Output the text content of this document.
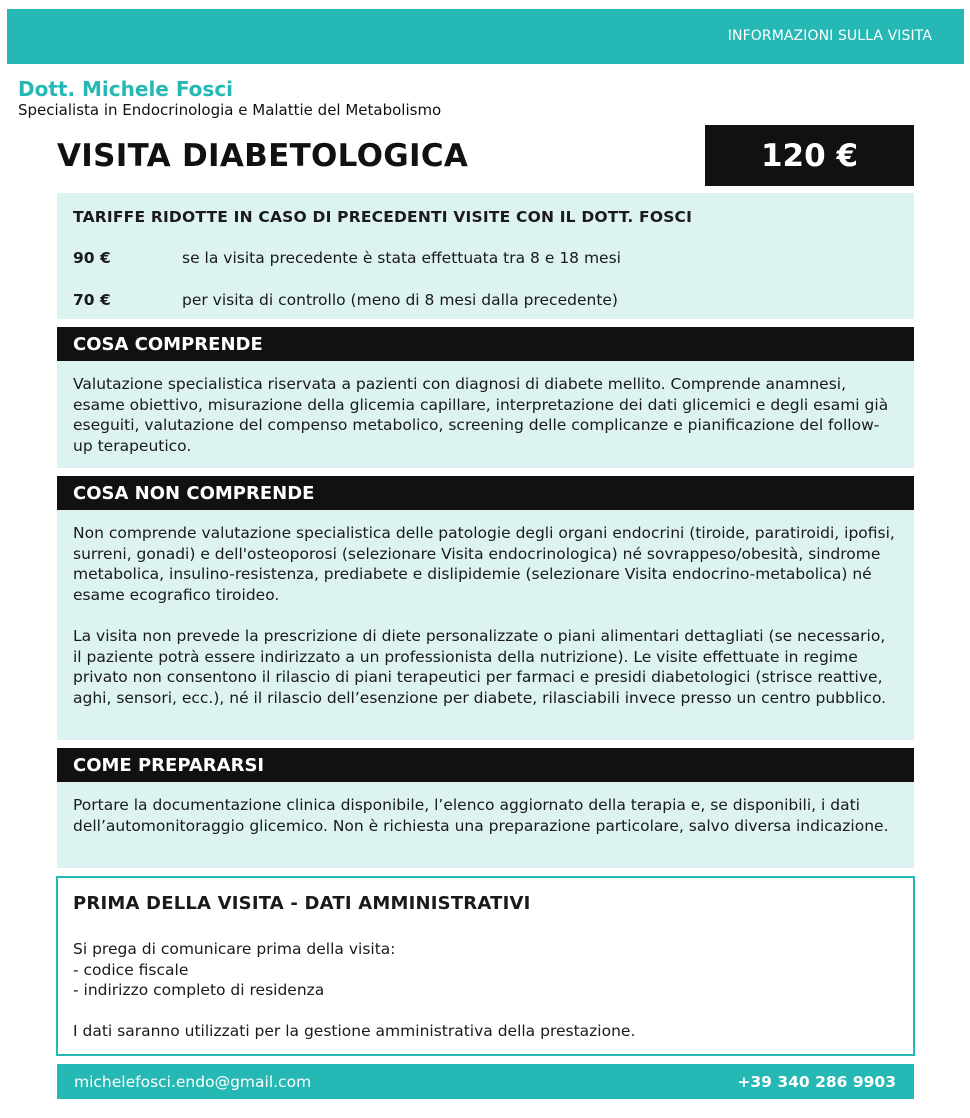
INFORMAZIONI SULLA VISITA
Dott. Michele Fosci
Specialista in Endocrinologia e Malattie del Metabolismo
VISITA DIABETOLOGICA	120 €
TARIFFE RIDOTTE IN CASO DI PRECEDENTI VISITE CON IL DOTT. FOSCI
90 €	se la visita precedente è stata effettuata tra 8 e 18 mesi
70 €	per visita di controllo (meno di 8 mesi dalla precedente)
COSA COMPRENDE

Valutazione specialistica riservata a pazienti con diagnosi di diabete mellito. Comprende anamnesi, esame obiettivo, misurazione della glicemia capillare, interpretazione dei dati glicemici e degli esami già eseguiti, valutazione del compenso metabolico, screening delle complicanze e pianificazione del follow-up terapeutico.

COSA NON COMPRENDE

Non comprende valutazione specialistica delle patologie degli organi endocrini (tiroide, paratiroidi, ipofisi, surreni, gonadi) e dell'osteoporosi (selezionare Visita endocrinologica) né sovrappeso/obesità, sindrome metabolica, insulino-resistenza, prediabete e dislipidemie (selezionare Visita endocrino-metabolica) né esame ecografico tiroideo.

La visita non prevede la prescrizione di diete personalizzate o piani alimentari dettagliati (se necessario, il paziente potrà essere indirizzato a un professionista della nutrizione). Le visite effettuate in regime privato non consentono il rilascio di piani terapeutici per farmaci e presidi diabetologici (strisce reattive, aghi, sensori, ecc.), né il rilascio dell’esenzione per diabete, rilasciabili invece presso un centro pubblico.

COME PREPARARSI

Portare la documentazione clinica disponibile, l’elenco aggiornato della terapia e, se disponibili, i dati dell’automonitoraggio glicemico. Non è richiesta una preparazione particolare, salvo diversa indicazione.

PRIMA DELLA VISITA - DATI AMMINISTRATIVI
Si prega di comunicare prima della visita:
- codice fiscale
- indirizzo completo di residenza
I dati saranno utilizzati per la gestione amministrativa della prestazione.
michelefosci.endo@gmail.com	+39 340 286 9903
